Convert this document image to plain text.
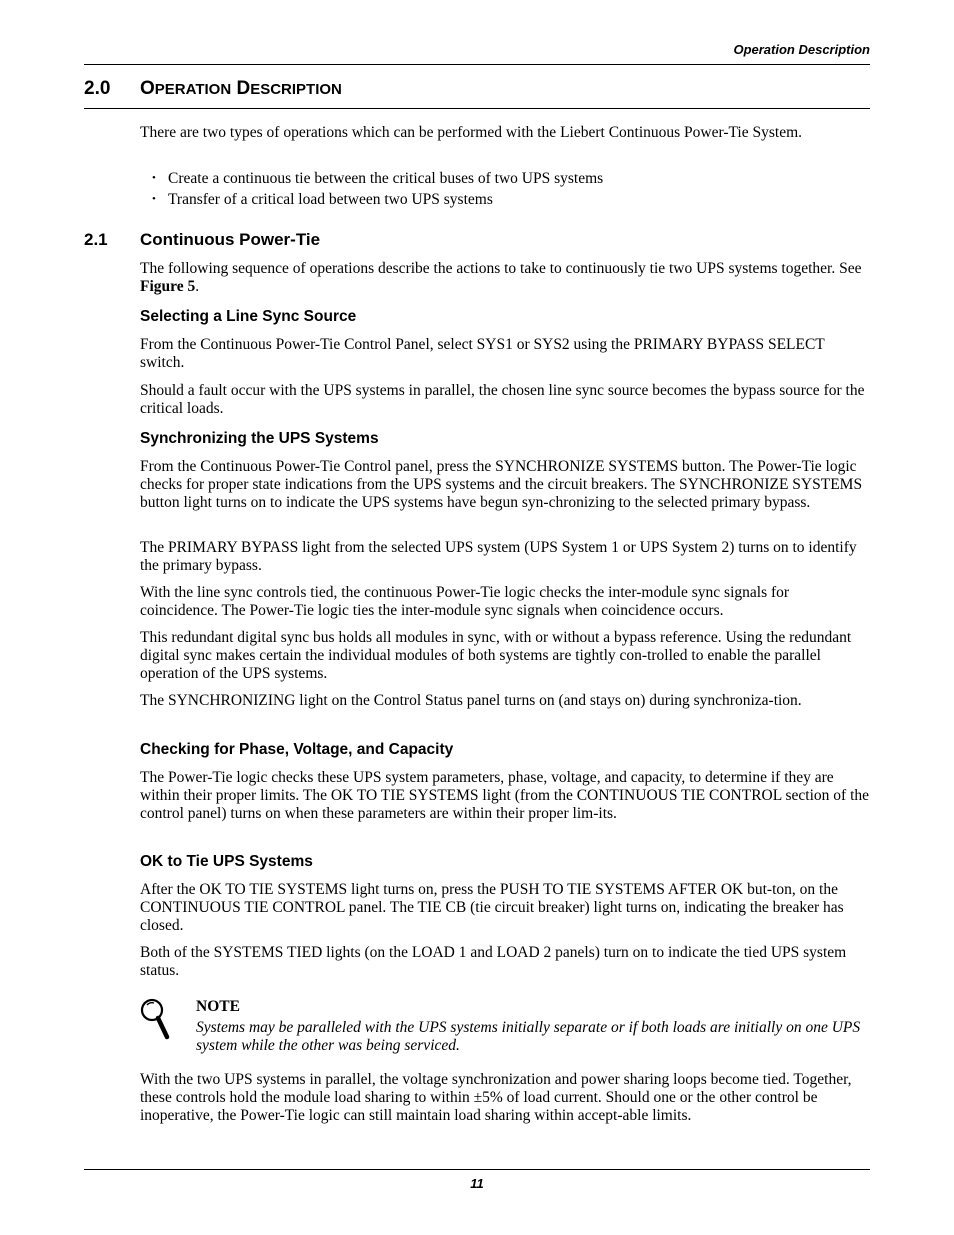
Operation Description
2.0 OPERATION DESCRIPTION
There are two types of operations which can be performed with the Liebert Continuous Power-Tie System.
• Create a continuous tie between the critical buses of two UPS systems
• Transfer of a critical load between two UPS systems
2.1 Continuous Power-Tie
The following sequence of operations describe the actions to take to continuously tie two UPS systems together. See Figure 5.
Selecting a Line Sync Source
From the Continuous Power-Tie Control Panel, select SYS1 or SYS2 using the PRIMARY BYPASS SELECT switch.
Should a fault occur with the UPS systems in parallel, the chosen line sync source becomes the bypass source for the critical loads.
Synchronizing the UPS Systems
From the Continuous Power-Tie Control panel, press the SYNCHRONIZE SYSTEMS button. The Power-Tie logic checks for proper state indications from the UPS systems and the circuit breakers. The SYNCHRONIZE SYSTEMS button light turns on to indicate the UPS systems have begun syn-chronizing to the selected primary bypass.
The PRIMARY BYPASS light from the selected UPS system (UPS System 1 or UPS System 2) turns on to identify the primary bypass.
With the line sync controls tied, the continuous Power-Tie logic checks the inter-module sync signals for coincidence. The Power-Tie logic ties the inter-module sync signals when coincidence occurs.
This redundant digital sync bus holds all modules in sync, with or without a bypass reference. Using the redundant digital sync makes certain the individual modules of both systems are tightly con-trolled to enable the parallel operation of the UPS systems.
The SYNCHRONIZING light on the Control Status panel turns on (and stays on) during synchroniza-tion.
Checking for Phase, Voltage, and Capacity
The Power-Tie logic checks these UPS system parameters, phase, voltage, and capacity, to determine if they are within their proper limits. The OK TO TIE SYSTEMS light (from the CONTINUOUS TIE CONTROL section of the control panel) turns on when these parameters are within their proper lim-its.
OK to Tie UPS Systems
After the OK TO TIE SYSTEMS light turns on, press the PUSH TO TIE SYSTEMS AFTER OK but-ton, on the CONTINUOUS TIE CONTROL panel. The TIE CB (tie circuit breaker) light turns on, indicating the breaker has closed.
Both of the SYSTEMS TIED lights (on the LOAD 1 and LOAD 2 panels) turn on to indicate the tied UPS system status.
NOTE
Systems may be paralleled with the UPS systems initially separate or if both loads are initially on one UPS system while the other was being serviced.
With the two UPS systems in parallel, the voltage synchronization and power sharing loops become tied. Together, these controls hold the module load sharing to within ±5% of load current. Should one or the other control be inoperative, the Power-Tie logic can still maintain load sharing within accept-able limits.
11
